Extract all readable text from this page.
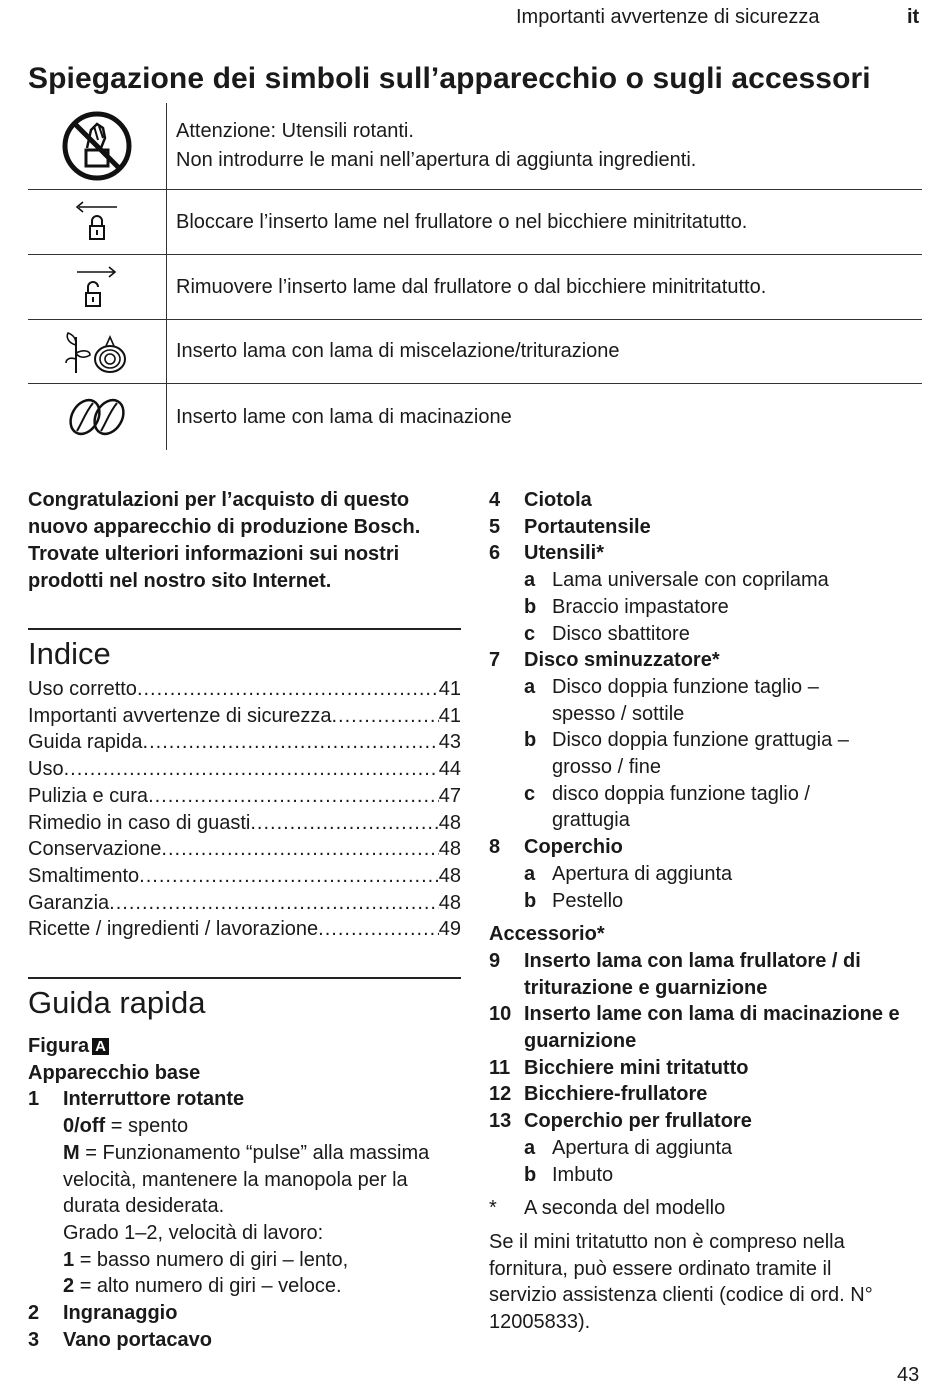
Importanti avvertenze di sicurezza	it
Spiegazione dei simboli sull’apparecchio o sugli accessori
Attenzione: Utensili rotanti.
Non introdurre le mani nell’apertura di aggiunta ingredienti.
Bloccare l’inserto lame nel frullatore o nel bicchiere minitritatutto.
Rimuovere l’inserto lame dal frullatore o dal bicchiere minitritatutto.
Inserto lama con lama di miscelazione/triturazione
Inserto lame con lama di macinazione

Congratulazioni per l’acquisto di questo nuovo apparecchio di produzione Bosch. Trovate ulteriori informazioni sui nostri prodotti nel nostro sito Internet.

Indice
Uso corretto .....	41
Importanti avvertenze di sicurezza .....	41
Guida rapida .....	43
Uso .....	44
Pulizia e cura .....	47
Rimedio in caso di guasti .....	48
Conservazione .....	48
Smaltimento .....	48
Garanzia .....	48
Ricette / ingredienti / lavorazione .....	49
Guida rapida
Figura A
Apparecchio base
1	Interruttore rotante
0/off = spento
M = Funzionamento “pulse” alla massima velocità, mantenere la manopola per la durata desiderata.
Grado 1–2, velocità di lavoro:
1 = basso numero di giri – lento,
2 = alto numero di giri – veloce.
2	Ingranaggio
3	Vano portacavo
4	Ciotola
5	Portautensile
6	Utensili*
a Lama universale con coprilama
b Braccio impastatore
c Disco sbattitore
7	Disco sminuzzatore*
a Disco doppia funzione taglio – spesso / sottile
b Disco doppia funzione grattugia – grosso / fine
c disco doppia funzione taglio / grattugia
8	Coperchio
a Apertura di aggiunta
b Pestello
Accessorio*
9	Inserto lama con lama frullatore / di triturazione e guarnizione
10 Inserto lame con lama di macinazione e guarnizione
11 Bicchiere mini tritatutto
12 Bicchiere-frullatore
13 Coperchio per frullatore
a Apertura di aggiunta
b Imbuto
*	A seconda del modello
Se il mini tritatutto non è compreso nella fornitura, può essere ordinato tramite il servizio assistenza clienti (codice di ord. N° 12005833).
43
